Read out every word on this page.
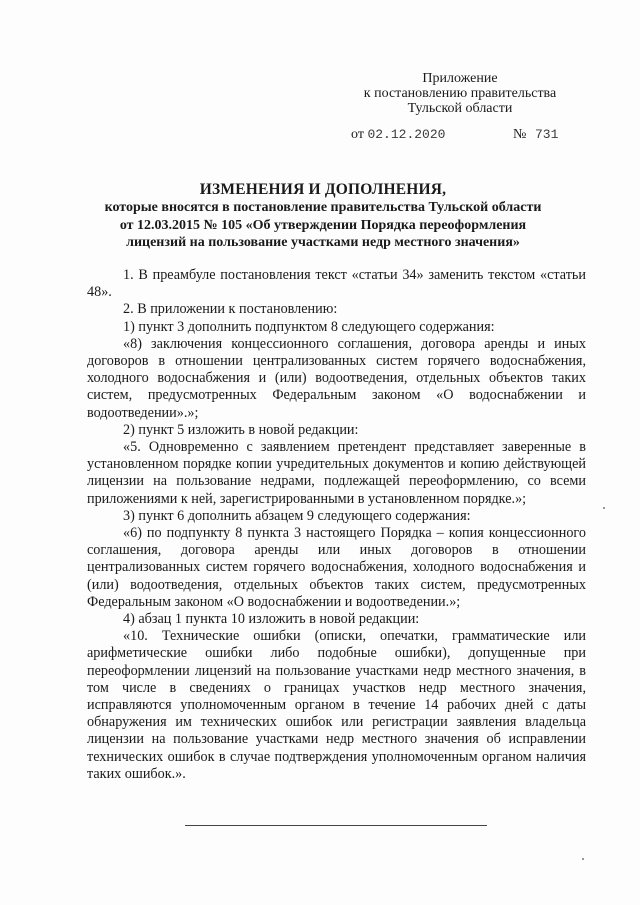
Приложение
к постановлению правительства
Тульской области
от 02.12.2020	№ 731
ИЗМЕНЕНИЯ И ДОПОЛНЕНИЯ,
которые вносятся в постановление правительства Тульской области
от 12.03.2015 № 105 «Об утверждении Порядка переоформления
лицензий на пользование участками недр местного значения»

1. В преамбуле постановления текст «статьи 34» заменить текстом «статьи 48».

2. В приложении к постановлению:

1) пункт 3 дополнить подпунктом 8 следующего содержания:

«8) заключения концессионного соглашения, договора аренды и иных договоров в отношении централизованных систем горячего водоснабжения, холодного водоснабжения и (или) водоотведения, отдельных объектов таких систем, предусмотренных Федеральным законом «О водоснабжении и водоотведении».»;

2) пункт 5 изложить в новой редакции:

«5. Одновременно с заявлением претендент представляет заверенные в установленном порядке копии учредительных документов и копию действующей лицензии на пользование недрами, подлежащей переоформлению, со всеми приложениями к ней, зарегистрированными в установленном порядке.»;

3) пункт 6 дополнить абзацем 9 следующего содержания:

«6) по подпункту 8 пункта 3 настоящего Порядка – копия концессионного соглашения, договора аренды или иных договоров в отношении централизованных систем горячего водоснабжения, холодного водоснабжения и (или) водоотведения, отдельных объектов таких систем, предусмотренных Федеральным законом «О водоснабжении и водоотведении.»;

4) абзац 1 пункта 10 изложить в новой редакции:

«10. Технические ошибки (описки, опечатки, грамматические или арифметические ошибки либо подобные ошибки), допущенные при переоформлении лицензий на пользование участками недр местного значения, в том числе в сведениях о границах участков недр местного значения, исправляются уполномоченным органом в течение 14 рабочих дней с даты обнаружения им технических ошибок или регистрации заявления владельца лицензии на пользование участками недр местного значения об исправлении технических ошибок в случае подтверждения уполномоченным органом наличия таких ошибок.».
